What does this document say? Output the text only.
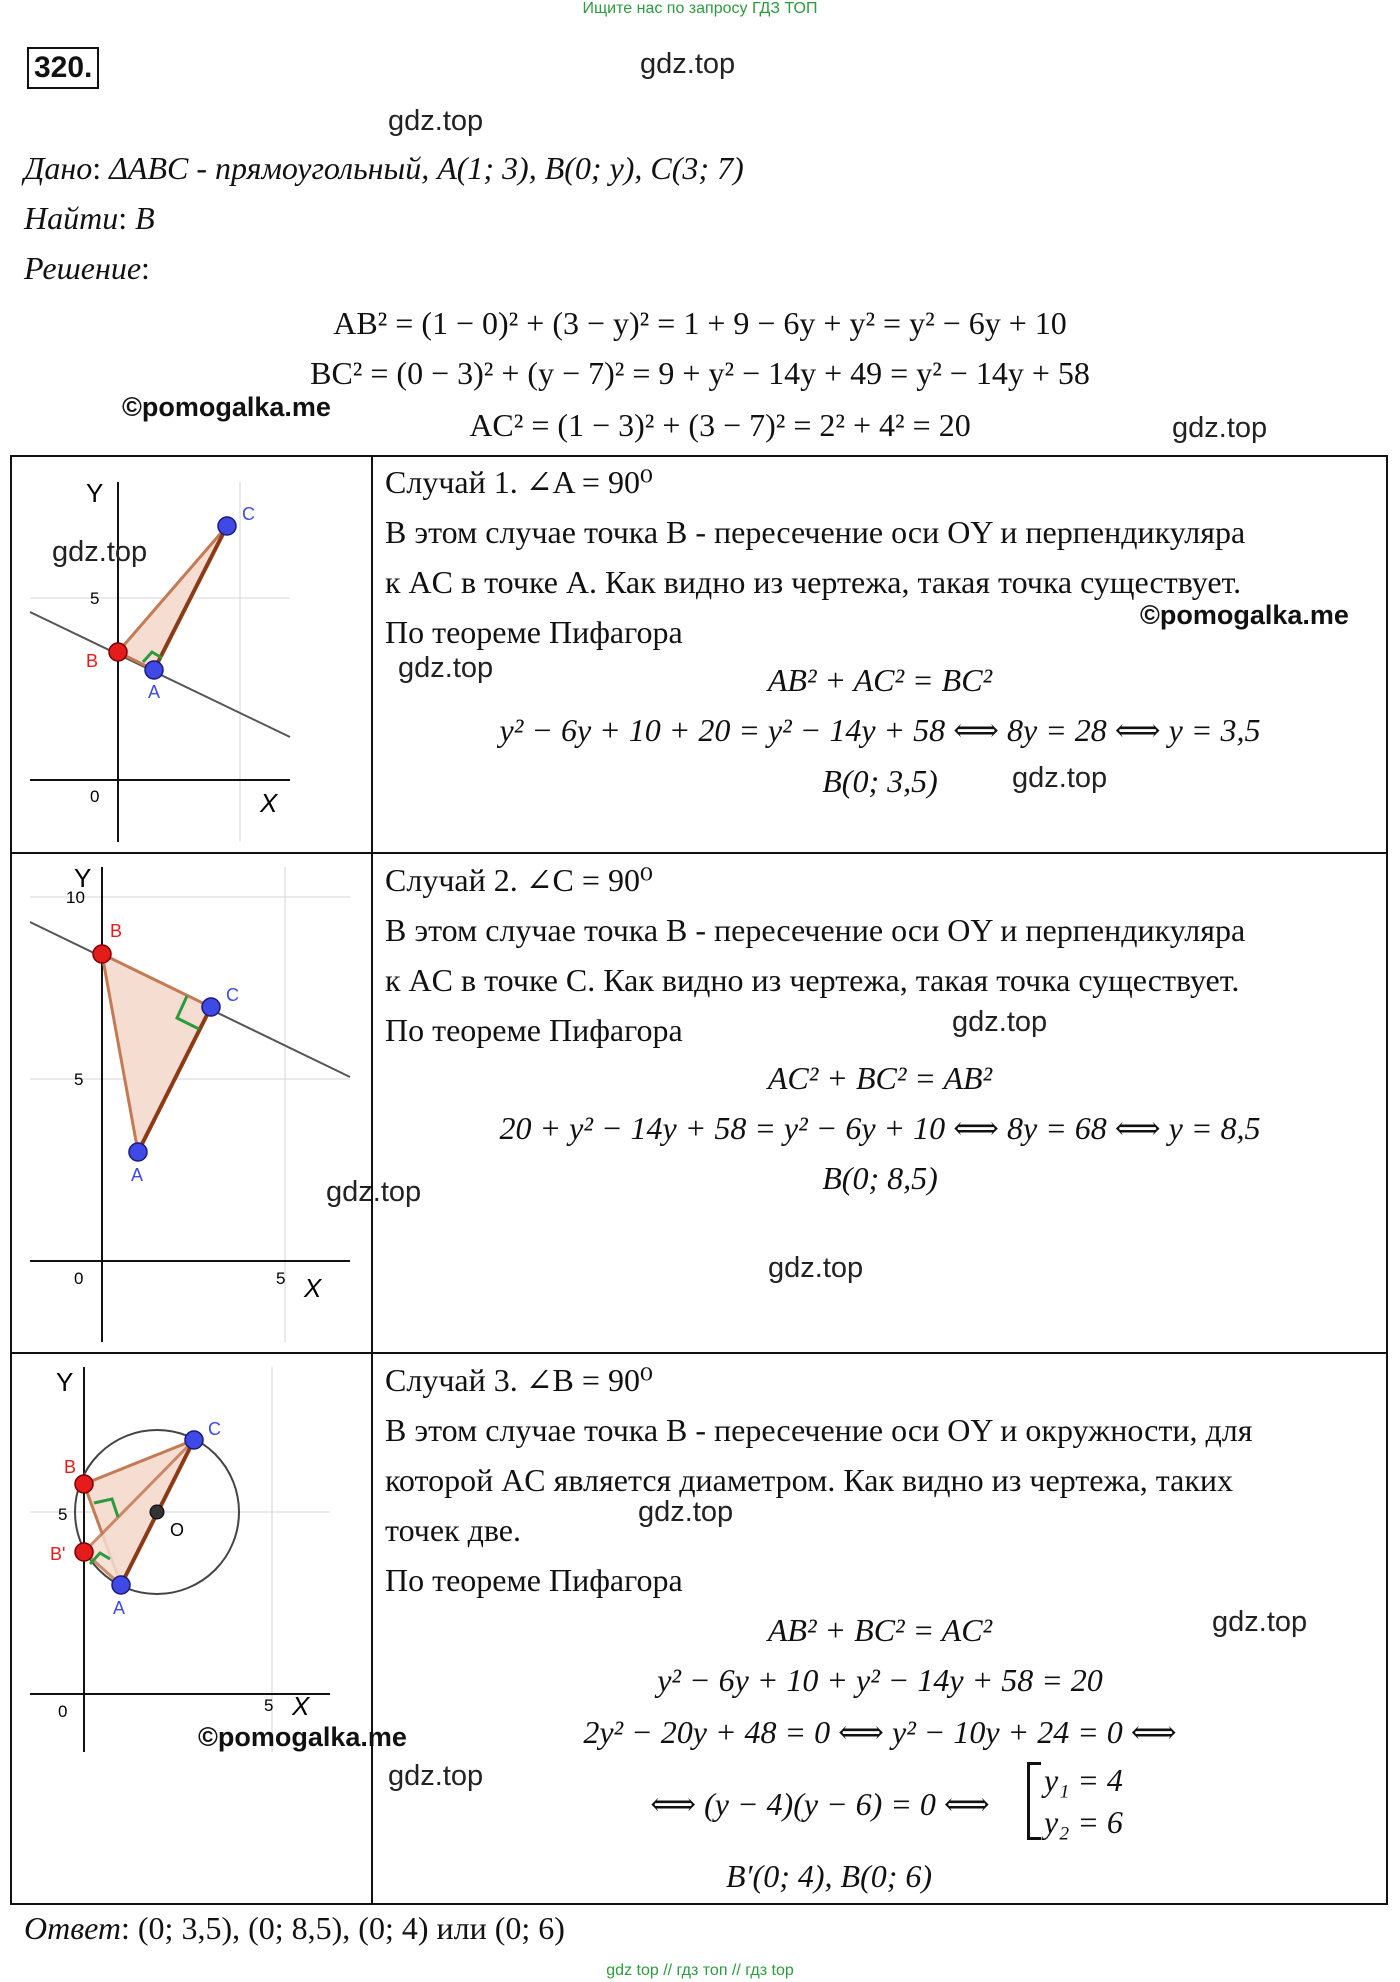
Ищите нас по запросу ГДЗ ТОП
320.	gdz.top
gdz.top
Дано: ΔABC - прямоугольный, A(1; 3), B(0; y), C(3; 7)
Найти: B
Решение:
AB² = (1 − 0)² + (3 − y)² = 1 + 9 − 6y + y² = y² − 6y + 10
BC² = (0 − 3)² + (y − 7)² = 9 + y² − 14y + 49 = y² − 14y + 58
AC² = (1 − 3)² + (3 − 7)² = 2² + 4² = 20
©pomogalka.me
gdz.top
Y
X
0
5
C
A
B
gdz.top
Случай 1. ∠A = 90⁰
В этом случае точка B - пересечение оси OY и перпендикуляра
к AC в точке A. Как видно из чертежа, такая точка существует.
По теореме Пифагора	©pomogalka.me
gdz.top	AB² + AC² = BC²
y² − 6y + 10 + 20 = y² − 14y + 58 ⟺ 8y = 28 ⟺ y = 3,5
B(0; 3,5)	gdz.top
Y
X
0
5
10
5
C
A
B
gdz.top
Случай 2. ∠C = 90⁰
В этом случае точка B - пересечение оси OY и перпендикуляра
к AC в точке C. Как видно из чертежа, такая точка существует.
По теореме Пифагора	gdz.top
AC² + BC² = AB²
20 + y² − 14y + 58 = y² − 6y + 10 ⟺ 8y = 68 ⟺ y = 8,5
B(0; 8,5)
gdz.top
Y
X
0
5
5
C
A
B
B'
O
©pomogalka.me
Случай 3. ∠B = 90⁰
В этом случае точка B - пересечение оси OY и окружности, для
которой AC является диаметром. Как видно из чертежа, таких
точек две.	gdz.top
По теореме Пифагора
AB² + BC² = AC²	gdz.top
y² − 6y + 10 + y² − 14y + 58 = 20
2y² − 20y + 48 = 0 ⟺ y² − 10y + 24 = 0 ⟺
gdz.top
⟺ (y − 4)(y − 6) = 0 ⟺
y₁ = 4
y₂ = 6
B′(0; 4), B(0; 6)
Ответ: (0; 3,5), (0; 8,5), (0; 4) или (0; 6)
gdz top // гдз топ // гдз top
